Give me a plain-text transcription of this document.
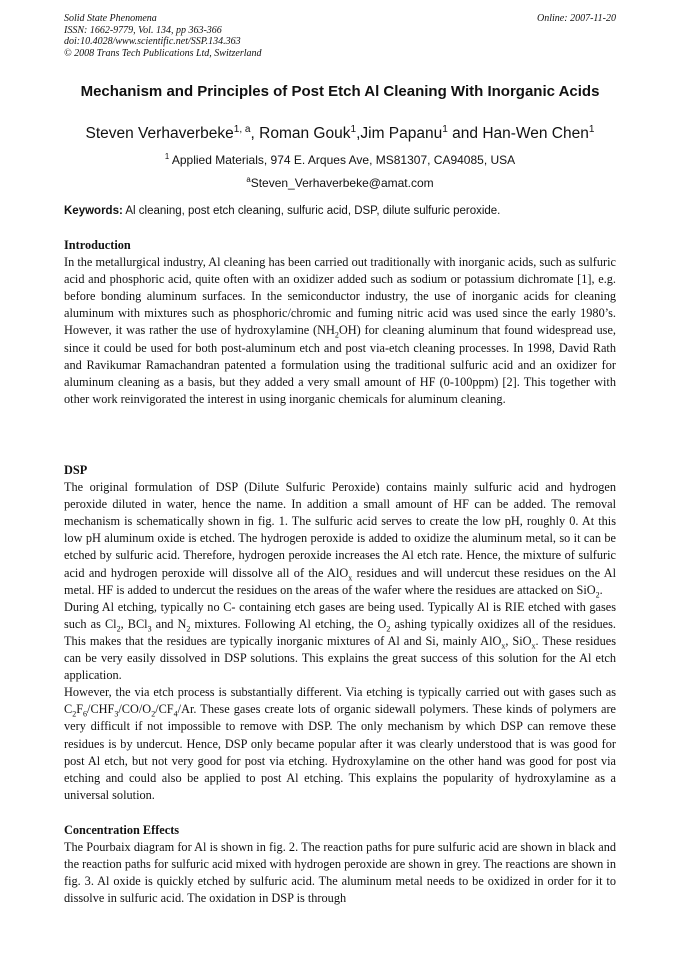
Solid State Phenomena
ISSN: 1662-9779, Vol. 134, pp 363-366
doi:10.4028/www.scientific.net/SSP.134.363
© 2008 Trans Tech Publications Ltd, Switzerland
Online: 2007-11-20
Mechanism and Principles of Post Etch Al Cleaning With Inorganic Acids
Steven Verhaverbeke$^{1, a}$, Roman Gouk$^1$,Jim Papanu$^1$ and Han-Wen Chen$^1$
$^1$ Applied Materials, 974 E. Arques Ave, MS81307, CA94085, USA
$^a$Steven_Verhaverbeke@amat.com
Keywords: Al cleaning, post etch cleaning, sulfuric acid, DSP, dilute sulfuric peroxide.
Introduction

In the metallurgical industry, Al cleaning has been carried out traditionally with inorganic acids, such as sulfuric acid and phosphoric acid, quite often with an oxidizer added such as sodium or potassium dichromate [1], e.g. before bonding aluminum surfaces. In the semiconductor industry, the use of inorganic acids for cleaning aluminum with mixtures such as phosphoric/chromic and fuming nitric acid was used since the early 1980’s. However, it was rather the use of hydroxylamine $(NH_2OH)$ for cleaning aluminum that found widespread use, since it could be used for both post-aluminum etch and post via-etch cleaning processes. In 1998, David Rath and Ravikumar Ramachandran patented a formulation using the traditional sulfuric acid and an oxidizer for aluminum cleaning as a basis, but they added a very small amount of HF (0-100ppm) [2]. This together with other work reinvigorated the interest in using inorganic chemicals for aluminum cleaning.

DSP

The original formulation of DSP (Dilute Sulfuric Peroxide) contains mainly sulfuric acid and hydrogen peroxide diluted in water, hence the name. In addition a small amount of HF can be added. The removal mechanism is schematically shown in fig. 1. The sulfuric acid serves to create the low pH, roughly 0. At this low pH aluminum oxide is etched. The hydrogen peroxide is added to oxidize the aluminum metal, so it can be etched by sulfuric acid. Therefore, hydrogen peroxide increases the Al etch rate. Hence, the mixture of sulfuric acid and hydrogen peroxide will dissolve all of the AlO$_x$ residues and will undercut these residues on the Al metal. HF is added to undercut the residues on the areas of the wafer where the residues are attacked on SiO$_2$.

During Al etching, typically no C- containing etch gases are being used. Typically Al is RIE etched with gases such as $Cl_2$, BCl$_3$ and $N_2$ mixtures. Following Al etching, the $O_2$ ashing typically oxidizes all of the residues. This makes that the residues are typically inorganic mixtures of Al and Si, mainly AlO$_x$, SiO$_x$. These residues can be very easily dissolved in DSP solutions. This explains the great success of this solution for the Al etch application.

However, the via etch process is substantially different. Via etching is typically carried out with gases such as $C_2F_6/CHF_3/CO/O_2/CF_4/Ar$. These gases create lots of organic sidewall polymers. These kinds of polymers are very difficult if not impossible to remove with DSP. The only mechanism by which DSP can remove these residues is by undercut. Hence, DSP only became popular after it was clearly understood that is was good for post Al etch, but not very good for post via etching. Hydroxylamine on the other hand was good for post via etching and could also be applied to post Al etching. This explains the popularity of hydroxylamine as a universal solution.

Concentration Effects

The Pourbaix diagram for Al is shown in fig. 2. The reaction paths for pure sulfuric acid are shown in black and the reaction paths for sulfuric acid mixed with hydrogen peroxide are shown in grey. The reactions are shown in fig. 3. Al oxide is quickly etched by sulfuric acid. The aluminum metal needs to be oxidized in order for it to dissolve in sulfuric acid. The oxidation in DSP is through
